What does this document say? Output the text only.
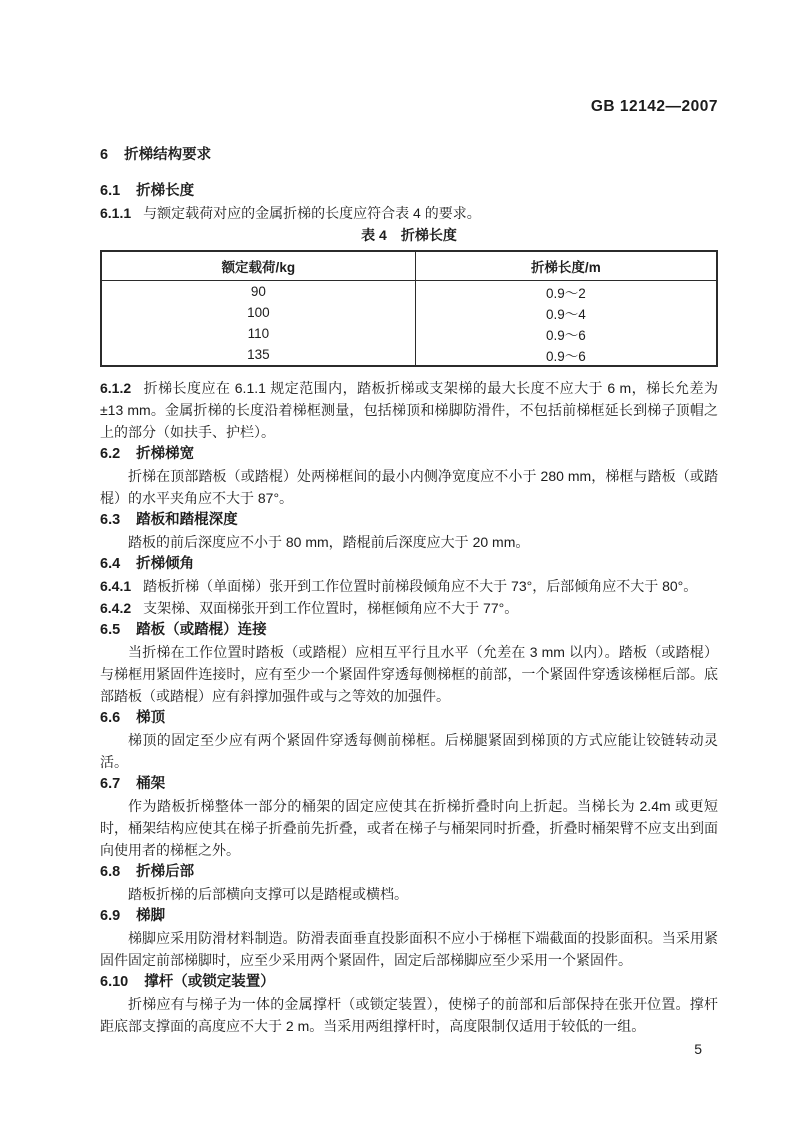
GB 12142—2007

6 折梯结构要求

6.1 折梯长度

6.1.1 与额定载荷对应的金属折梯的长度应符合表 4 的要求。

表 4 折梯长度

额定载荷/kg	折梯长度/m
90	0.9～2
100	0.9～4
110	0.9～6
135	0.9～6

6.1.2 折梯长度应在 6.1.1 规定范围内，踏板折梯或支架梯的最大长度不应大于 6 m，梯长允差为 ±13 mm。金属折梯的长度沿着梯框测量，包括梯顶和梯脚防滑件，不包括前梯框延长到梯子顶帽之上的部分（如扶手、护栏）。

6.2 折梯梯宽

折梯在顶部踏板（或踏棍）处两梯框间的最小内侧净宽度应不小于 280 mm，梯框与踏板（或踏棍）的水平夹角应不大于 87°。

6.3 踏板和踏棍深度

踏板的前后深度应不小于 80 mm，踏棍前后深度应大于 20 mm。

6.4 折梯倾角

6.4.1 踏板折梯（单面梯）张开到工作位置时前梯段倾角应不大于 73°，后部倾角应不大于 80°。

6.4.2 支架梯、双面梯张开到工作位置时，梯框倾角应不大于 77°。

6.5 踏板（或踏棍）连接

当折梯在工作位置时踏板（或踏棍）应相互平行且水平（允差在 3 mm 以内）。踏板（或踏棍）与梯框用紧固件连接时，应有至少一个紧固件穿透每侧梯框的前部，一个紧固件穿透该梯框后部。底部踏板（或踏棍）应有斜撑加强件或与之等效的加强件。

6.6 梯顶

梯顶的固定至少应有两个紧固件穿透每侧前梯框。后梯腿紧固到梯顶的方式应能让铰链转动灵活。

6.7 桶架

作为踏板折梯整体一部分的桶架的固定应使其在折梯折叠时向上折起。当梯长为 2.4m 或更短时，桶架结构应使其在梯子折叠前先折叠，或者在梯子与桶架同时折叠，折叠时桶架臂不应支出到面向使用者的梯框之外。

6.8 折梯后部

踏板折梯的后部横向支撑可以是踏棍或横档。

6.9 梯脚

梯脚应采用防滑材料制造。防滑表面垂直投影面积不应小于梯框下端截面的投影面积。当采用紧固件固定前部梯脚时，应至少采用两个紧固件，固定后部梯脚应至少采用一个紧固件。

6.10 撑杆（或锁定装置）

折梯应有与梯子为一体的金属撑杆（或锁定装置），使梯子的前部和后部保持在张开位置。撑杆距底部支撑面的高度应不大于 2 m。当采用两组撑杆时，高度限制仅适用于较低的一组。

5
